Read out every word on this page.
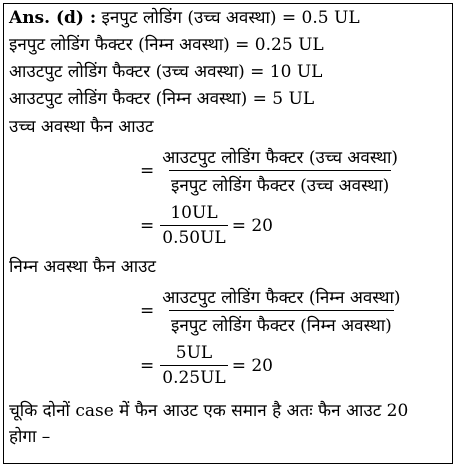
Ans. (d) : इनपुट लोडिंग (उच्च अवस्था) = 0.5 UL
इनपुट लोडिंग फैक्टर (निम्न अवस्था) = 0.25 UL
आउटपुट लोडिंग फैक्टर (उच्च अवस्था) = 10 UL
आउटपुट लोडिंग फैक्टर (निम्न अवस्था) = 5 UL
उच्च अवस्था फैन आउट
= $\frac{\text{आउटपुट लोडिंग फैक्टर (उच्च अवस्था)}}{\text{इनपुट लोडिंग फैक्टर (उच्च अवस्था)}}$
= $\frac{10UL}{0.50UL} = 20$
निम्न अवस्था फैन आउट
= $\frac{\text{आउटपुट लोडिंग फैक्टर (निम्न अवस्था)}}{\text{इनपुट लोडिंग फैक्टर (निम्न अवस्था)}}$
= $\frac{5UL}{0.25UL} = 20$
चूकि दोनों case में फैन आउट एक समान है अतः फैन आउट 20
होगा –
